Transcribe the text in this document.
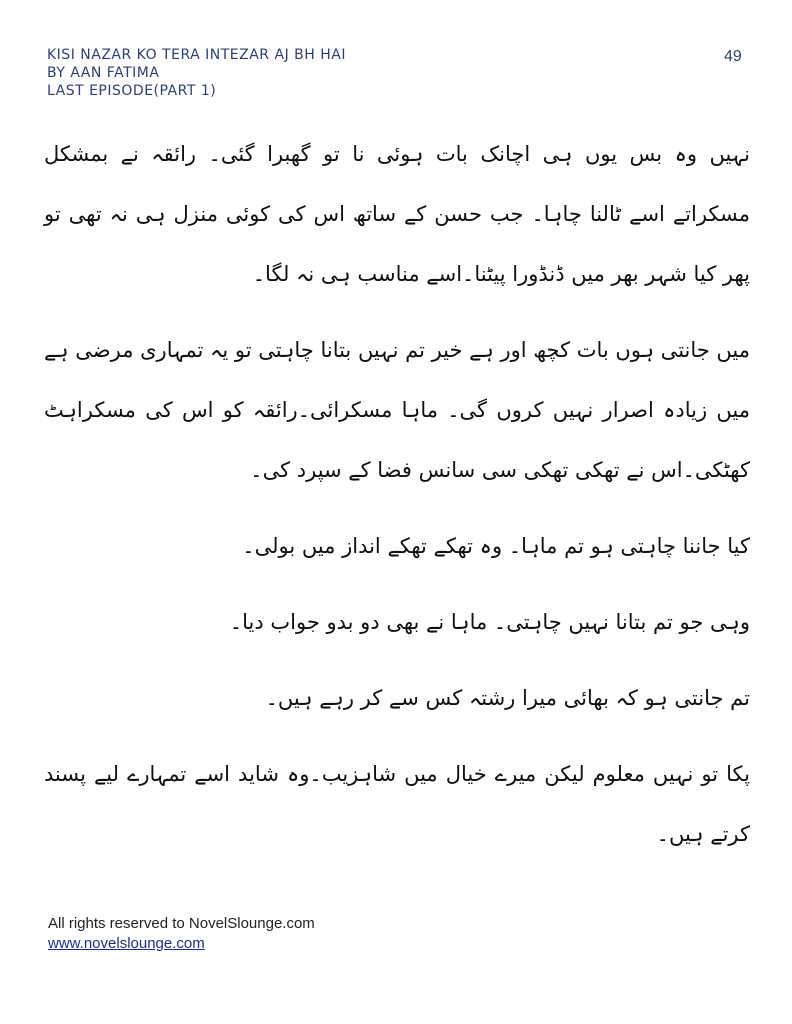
KISI NAZAR KO TERA INTEZAR AJ BH HAI
BY AAN FATIMA
LAST EPISODE(PART 1)
49

نہیں وہ بس یوں ہی اچانک بات ہوئی نا تو گھبرا گئی۔ رائقہ نے بمشکل مسکراتے اسے ٹالنا چاہا۔ جب حسن کے ساتھ اس کی کوئی منزل ہی نہ تھی تو پھر کیا شہر بھر میں ڈنڈورا پیٹنا۔اسے مناسب ہی نہ لگا۔

میں جانتی ہوں بات کچھ اور ہے خیر تم نہیں بتانا چاہتی تو یہ تمہاری مرضی ہے میں زیادہ اصرار نہیں کروں گی۔ ماہا مسکرائی۔رائقہ کو اس کی مسکراہٹ کھٹکی۔اس نے تھکی تھکی سی سانس فضا کے سپرد کی۔

کیا جاننا چاہتی ہو تم ماہا۔ وہ تھکے تھکے انداز میں بولی۔

وہی جو تم بتانا نہیں چاہتی۔ ماہا نے بھی دو بدو جواب دیا۔

تم جانتی ہو کہ بھائی میرا رشتہ کس سے کر رہے ہیں۔

پکا تو نہیں معلوم لیکن میرے خیال میں شاہزیب۔وہ شاید اسے تمہارے لیے پسند کرتے ہیں۔

All rights reserved to NovelSlounge.com
www.novelslounge.com
